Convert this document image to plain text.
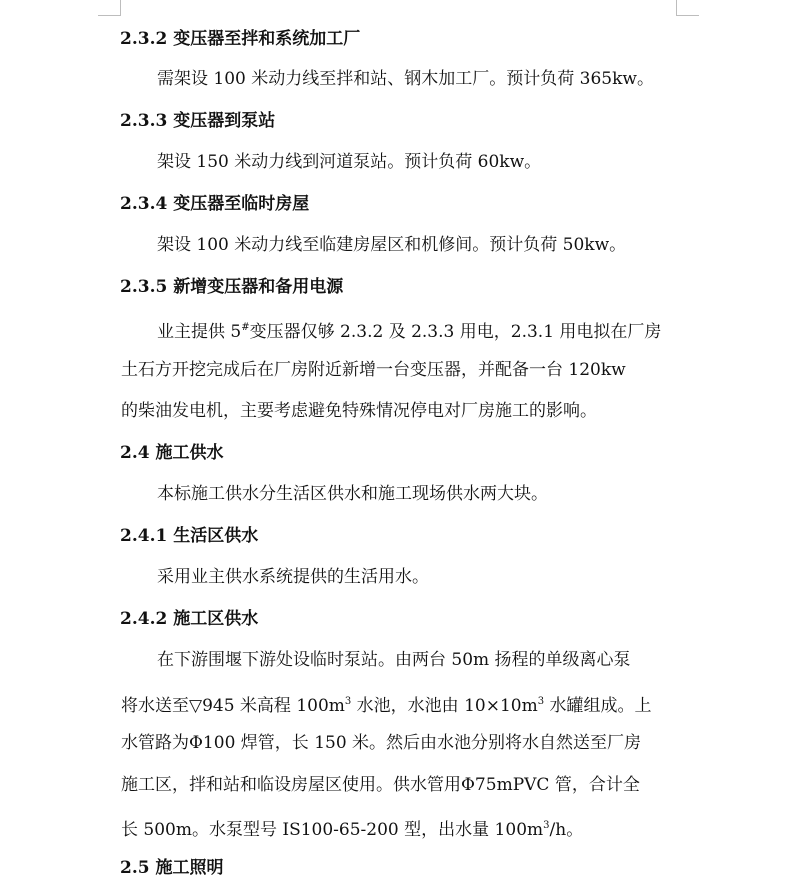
2.3.2 变压器至拌和系统加工厂
需架设 100 米动力线至拌和站、钢木加工厂。预计负荷 365kw。
2.3.3 变压器到泵站
架设 150 米动力线到河道泵站。预计负荷 60kw。
2.3.4 变压器至临时房屋
架设 100 米动力线至临建房屋区和机修间。预计负荷 50kw。
2.3.5 新增变压器和备用电源
业主提供 5#变压器仅够 2.3.2 及 2.3.3 用电，2.3.1 用电拟在厂房
土石方开挖完成后在厂房附近新增一台变压器，并配备一台 120kw
的柴油发电机，主要考虑避免特殊情况停电对厂房施工的影响。
2.4 施工供水
本标施工供水分生活区供水和施工现场供水两大块。
2.4.1 生活区供水
采用业主供水系统提供的生活用水。
2.4.2 施工区供水
在下游围堰下游处设临时泵站。由两台 50m 扬程的单级离心泵
将水送至▽945 米高程 $100m^3$ 水池，水池由 $10\times 10m^3$ 水罐组成。上
水管路为Φ100 焊管，长 150 米。然后由水池分别将水自然送至厂房
施工区，拌和站和临设房屋区使用。供水管用Φ75mPVC 管，合计全
长 500m。水泵型号 IS100-65-200 型，出水量 $100m^3/h$。
2.5 施工照明
